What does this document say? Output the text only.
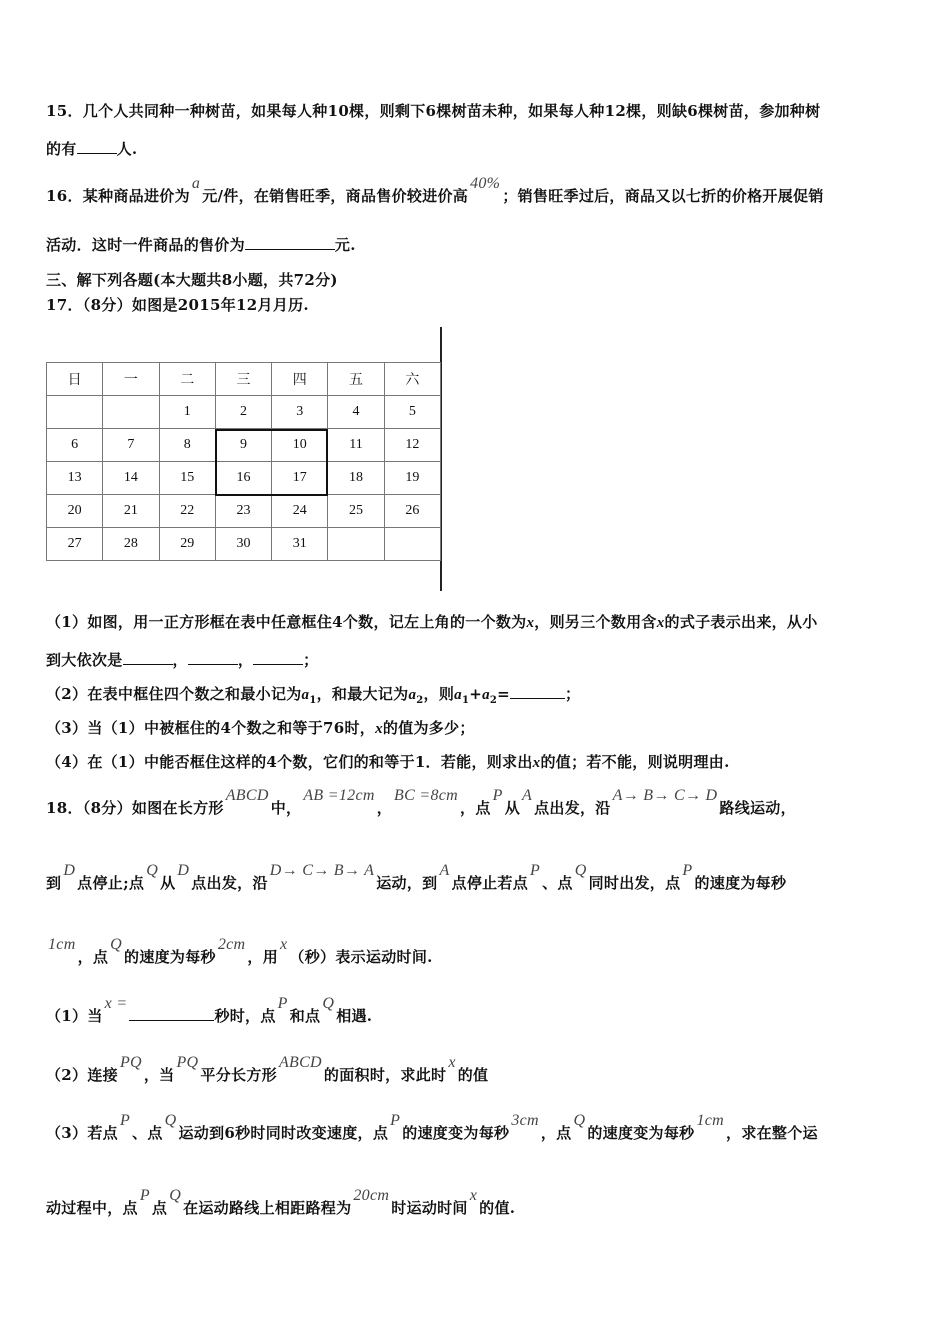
15．几个人共同种一种树苗，如果每人种10棵，则剩下6棵树苗未种，如果每人种12棵，则缺6棵树苗，参加种树
的有	人.
16．某种商品进价为a元/件，在销售旺季，商品售价较进价高40%；销售旺季过后，商品又以七折的价格开展促销
活动．这时一件商品的售价为	元.
三、解下列各题(本大题共8小题，共72分)
17．（8分）如图是2015年12月月历.
（1）如图，用一正方形框在表中任意框住4个数，记左上角的一个数为x，则另三个数用含x的式子表示出来，从小
到大依次是	，	，	；
（2）在表中框住四个数之和最小记为$a_1$，和最大记为$a_2$，则$a_1+a_2=$	；
（3）当（1）中被框住的4个数之和等于76时，x的值为多少；
（4）在（1）中能否框住这样的4个数，它们的和等于1．若能，则求出x的值；若不能，则说明理由.
18．（8分）如图在长方形ABCD中，AB =12cm，BC =8cm，点P从A点出发，沿A→ B→ C→ D路线运动，
到D点停止;点Q从D点出发，沿D→ C→ B→ A运动，到A点停止若点P、点Q同时出发，点P的速度为每秒
1cm，点Q的速度为每秒2cm，用x（秒）表示运动时间.
（1）当x =秒时，点P和点Q相遇.
（2）连接PQ，当PQ平分长方形ABCD的面积时，求此时x的值
（3）若点P、点Q运动到6秒时同时改变速度，点P的速度变为每秒3cm，点Q的速度变为每秒1cm，求在整个运
动过程中，点P点Q在运动路线上相距路程为20cm时运动时间x的值.
日	一	二	三	四	五	六
		1	2	3	4	5
6	7	8	9	10	11	12
13	14	15	16	17	18	19
20	21	22	23	24	25	26
27	28	29	30	31		
